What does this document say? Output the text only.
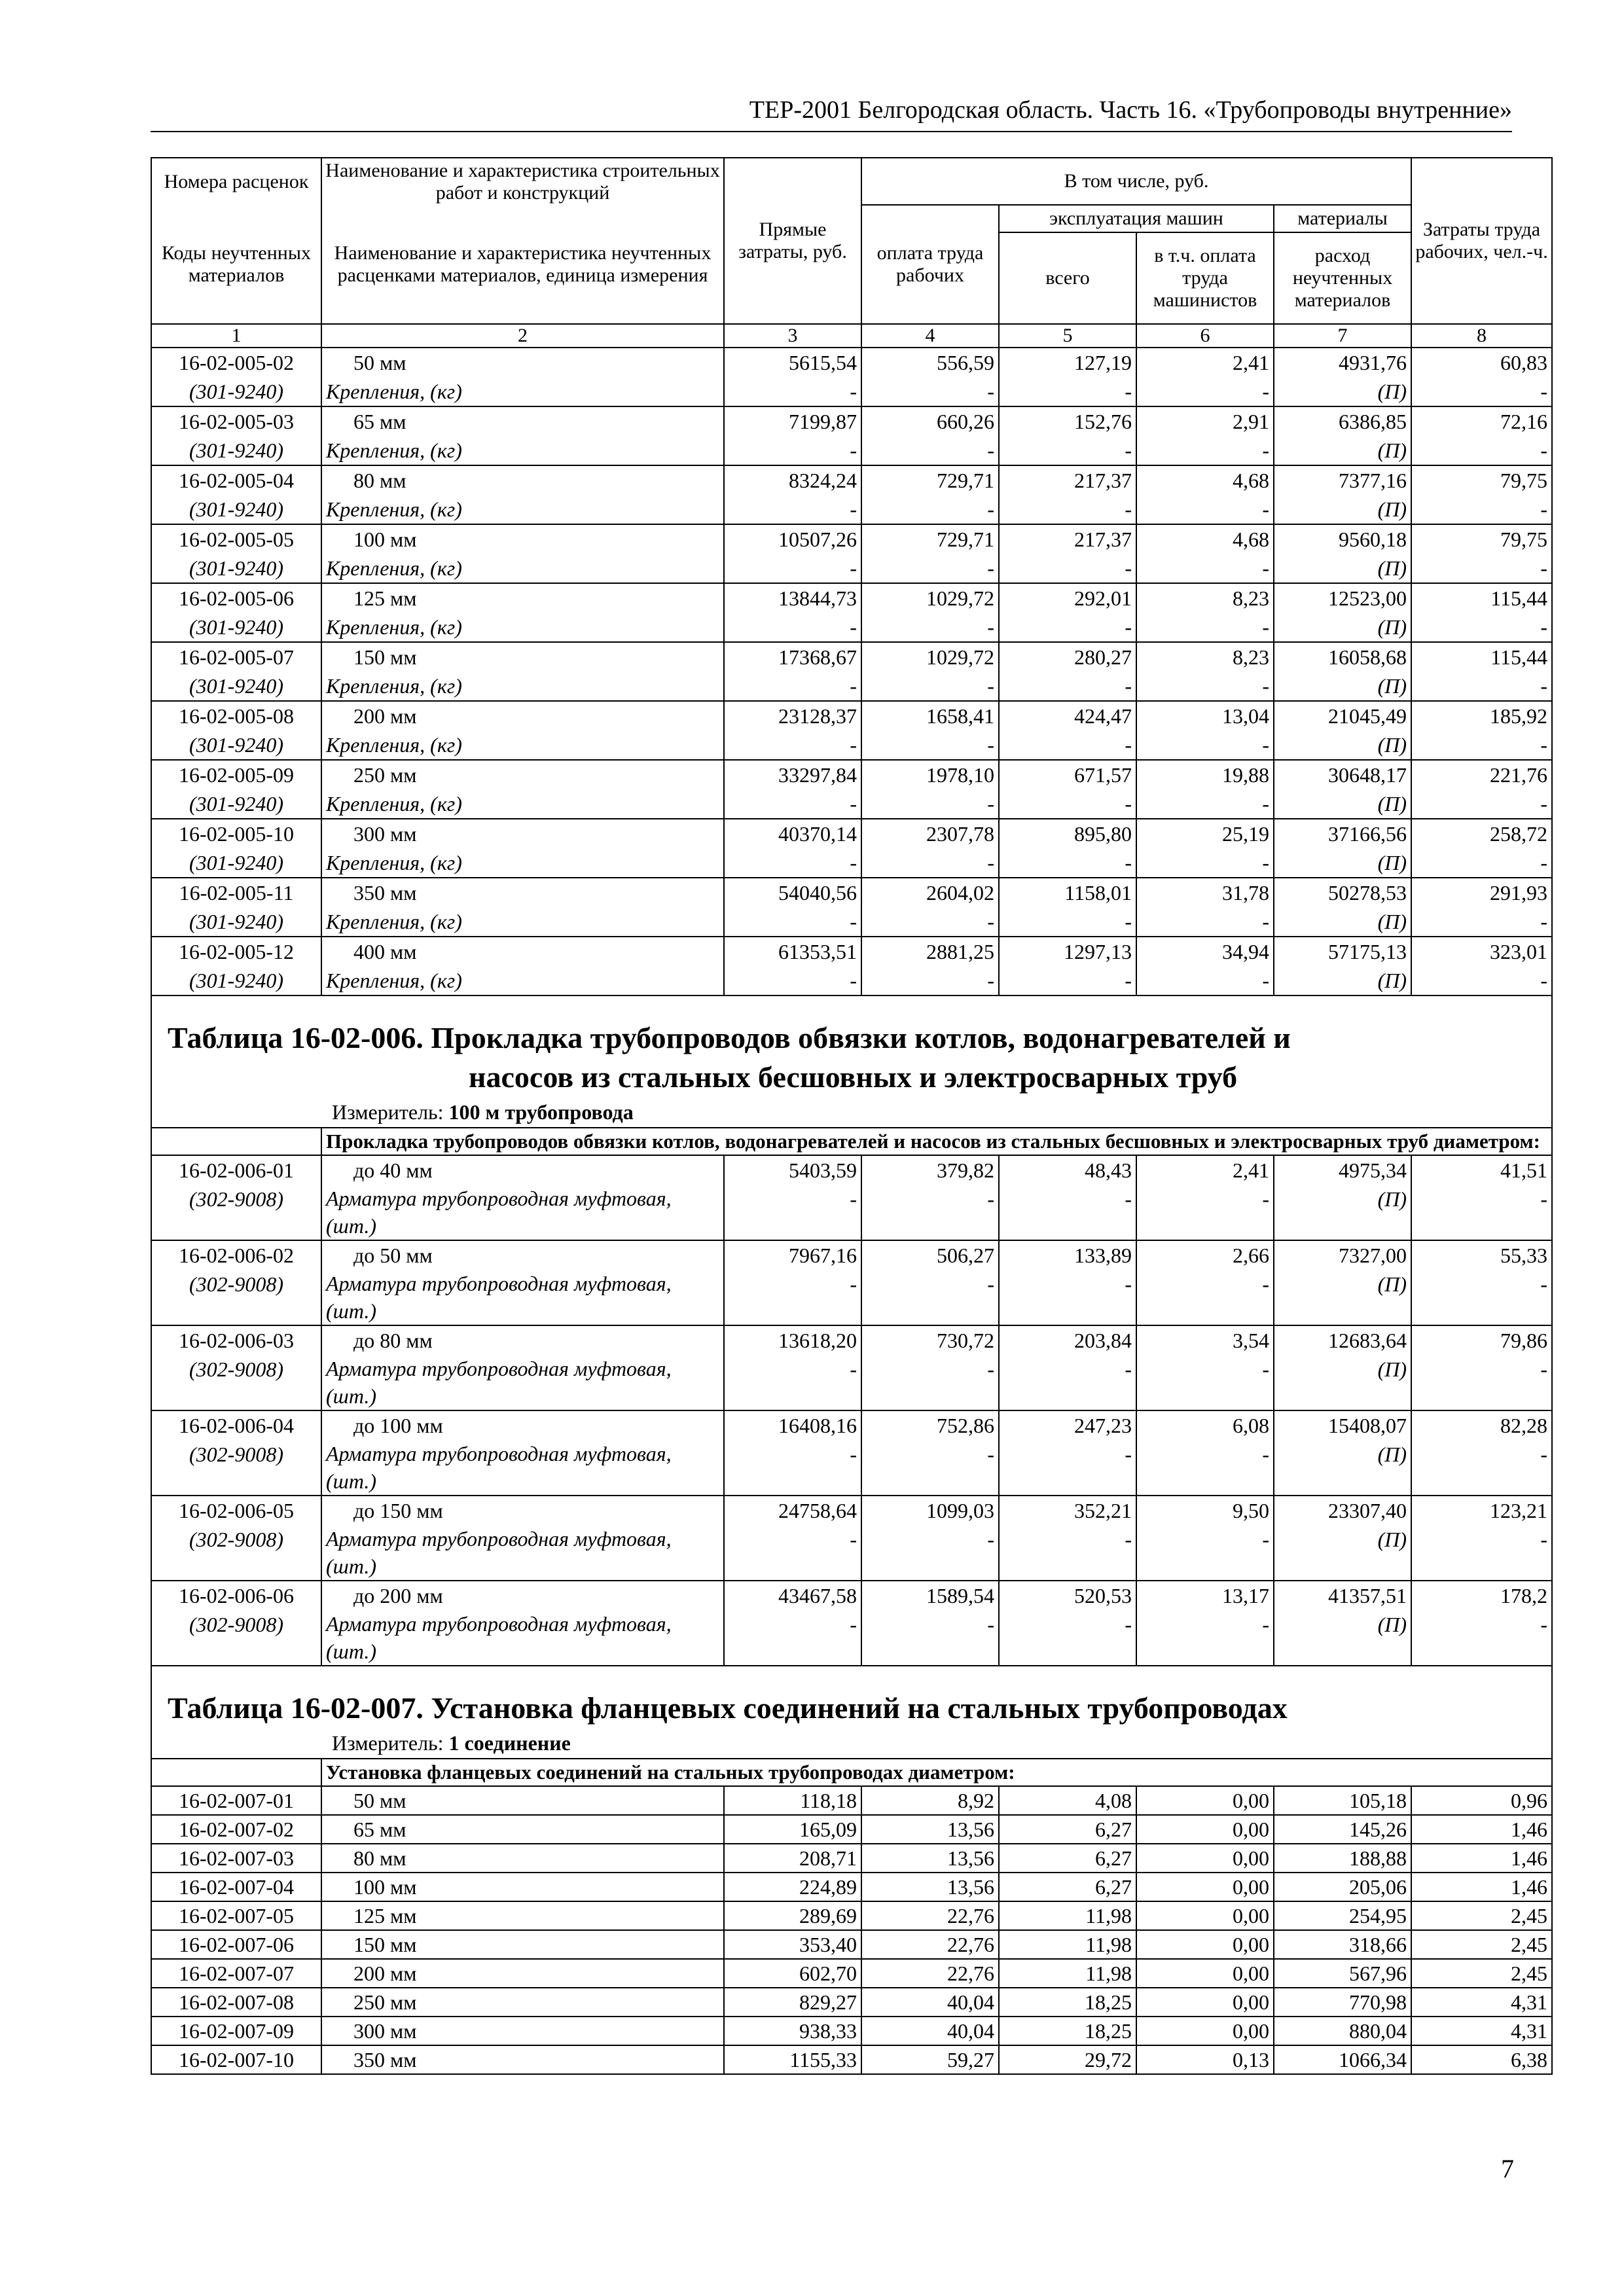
ТЕР-2001 Белгородская область. Часть 16. «Трубопроводы внутренние»
Номера расценок	Наименование и характеристика строительных работ и конструкций	Прямые затраты, руб.	В том числе, руб.				Затраты труда рабочих, чел.-ч.
Коды неучтенных материалов	Наименование и характеристика неучтенных расценками материалов, единица измерения		оплата труда рабочих	эксплуатация машин		материалы	
				всего	в т.ч. оплата труда машинистов	расход неучтенных материалов	
1	2	3	4	5	6	7	8
16-02-005-02	50 мм	5615,54	556,59	127,19	2,41	4931,76	60,83
(301-9240)	Крепления, (кг)	-	-	-	-	(П)	-
16-02-005-03	65 мм	7199,87	660,26	152,76	2,91	6386,85	72,16
(301-9240)	Крепления, (кг)	-	-	-	-	(П)	-
16-02-005-04	80 мм	8324,24	729,71	217,37	4,68	7377,16	79,75
(301-9240)	Крепления, (кг)	-	-	-	-	(П)	-
16-02-005-05	100 мм	10507,26	729,71	217,37	4,68	9560,18	79,75
(301-9240)	Крепления, (кг)	-	-	-	-	(П)	-
16-02-005-06	125 мм	13844,73	1029,72	292,01	8,23	12523,00	115,44
(301-9240)	Крепления, (кг)	-	-	-	-	(П)	-
16-02-005-07	150 мм	17368,67	1029,72	280,27	8,23	16058,68	115,44
(301-9240)	Крепления, (кг)	-	-	-	-	(П)	-
16-02-005-08	200 мм	23128,37	1658,41	424,47	13,04	21045,49	185,92
(301-9240)	Крепления, (кг)	-	-	-	-	(П)	-
16-02-005-09	250 мм	33297,84	1978,10	671,57	19,88	30648,17	221,76
(301-9240)	Крепления, (кг)	-	-	-	-	(П)	-
16-02-005-10	300 мм	40370,14	2307,78	895,80	25,19	37166,56	258,72
(301-9240)	Крепления, (кг)	-	-	-	-	(П)	-
16-02-005-11	350 мм	54040,56	2604,02	1158,01	31,78	50278,53	291,93
(301-9240)	Крепления, (кг)	-	-	-	-	(П)	-
16-02-005-12	400 мм	61353,51	2881,25	1297,13	34,94	57175,13	323,01
(301-9240)	Крепления, (кг)	-	-	-	-	(П)	-

Таблица 16-02-006. Прокладка трубопроводов обвязки котлов, водонагревателей и
насосов из стальных бесшовных и электросварных труб							

Измеритель: 100 м трубопровода							
	Прокладка трубопроводов обвязки котлов, водонагревателей и насосов из стальных бесшовных и электросварных труб диаметром:						
16-02-006-01	до 40 мм	5403,59	379,82	48,43	2,41	4975,34	41,51
(302-9008)	Арматура трубопроводная муфтовая, (шт.)	-	-	-	-	(П)	-
16-02-006-02	до 50 мм	7967,16	506,27	133,89	2,66	7327,00	55,33
(302-9008)	Арматура трубопроводная муфтовая, (шт.)	-	-	-	-	(П)	-
16-02-006-03	до 80 мм	13618,20	730,72	203,84	3,54	12683,64	79,86
(302-9008)	Арматура трубопроводная муфтовая, (шт.)	-	-	-	-	(П)	-
16-02-006-04	до 100 мм	16408,16	752,86	247,23	6,08	15408,07	82,28
(302-9008)	Арматура трубопроводная муфтовая, (шт.)	-	-	-	-	(П)	-
16-02-006-05	до 150 мм	24758,64	1099,03	352,21	9,50	23307,40	123,21
(302-9008)	Арматура трубопроводная муфтовая, (шт.)	-	-	-	-	(П)	-
16-02-006-06	до 200 мм	43467,58	1589,54	520,53	13,17	41357,51	178,2
(302-9008)	Арматура трубопроводная муфтовая, (шт.)	-	-	-	-	(П)	-

Таблица 16-02-007. Установка фланцевых соединений на стальных трубопроводах							
Измеритель: 1 соединение							
	Установка фланцевых соединений на стальных трубопроводах диаметром:						
16-02-007-01	50 мм	118,18	8,92	4,08	0,00	105,18	0,96
16-02-007-02	65 мм	165,09	13,56	6,27	0,00	145,26	1,46
16-02-007-03	80 мм	208,71	13,56	6,27	0,00	188,88	1,46
16-02-007-04	100 мм	224,89	13,56	6,27	0,00	205,06	1,46
16-02-007-05	125 мм	289,69	22,76	11,98	0,00	254,95	2,45
16-02-007-06	150 мм	353,40	22,76	11,98	0,00	318,66	2,45
16-02-007-07	200 мм	602,70	22,76	11,98	0,00	567,96	2,45
16-02-007-08	250 мм	829,27	40,04	18,25	0,00	770,98	4,31
16-02-007-09	300 мм	938,33	40,04	18,25	0,00	880,04	4,31
16-02-007-10	350 мм	1155,33	59,27	29,72	0,13	1066,34	6,38
7
